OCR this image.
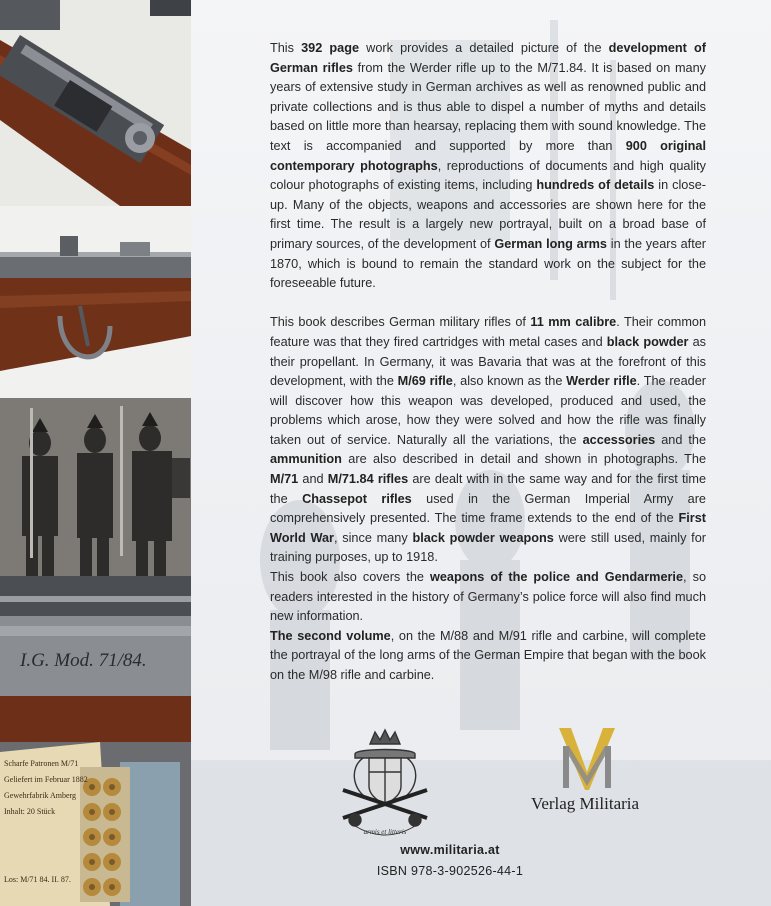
I.G. Mod. 71/84.
Scharfe Patronen M/71
Geliefert im Februar 1882
Gewehrfabrik Amberg
Inhalt: 20 Stück
Los: M/71 84. II. 87.

This 392 page work provides a detailed picture of the development of German rifles from the Werder rifle up to the M/71.84. It is based on many years of extensive study in German archives as well as renowned public and private collections and is thus able to dispel a number of myths and details based on little more than hearsay, replacing them with sound knowledge. The text is accompanied and supported by more than 900 original contemporary photographs, reproductions of documents and high quality colour photographs of existing items, including hundreds of details in close-up. Many of the objects, weapons and accessories are shown here for the first time. The result is a largely new portrayal, built on a broad base of primary sources, of the development of German long arms in the years after 1870, which is bound to remain the standard work on the subject for the foreseeable future.

This book describes German military rifles of 11 mm calibre. Their common feature was that they fired cartridges with metal cases and black powder as their propellant. In Germany, it was Bavaria that was at the forefront of this development, with the M/69 rifle, also known as the Werder rifle. The reader will discover how this weapon was developed, produced and used, the problems which arose, how they were solved and how the rifle was finally taken out of service. Naturally all the variations, the accessories and the ammunition are also described in detail and shown in photographs. The M/71 and M/71.84 rifles are dealt with in the same way and for the first time the Chassepot rifles used in the German Imperial Army are comprehensively presented. The time frame extends to the end of the First World War, since many black powder weapons were still used, mainly for training purposes, up to 1918.

This book also covers the weapons of the police and Gendarmerie, so readers interested in the history of Germany’s police force will also find much new information.

The second volume, on the M/88 and M/91 rifle and carbine, will complete the portrayal of the long arms of the German Empire that began with the book on the M/98 rifle and carbine.

armis et litteris
Verlag Militaria
www.militaria.at
ISBN 978-3-902526-44-1
